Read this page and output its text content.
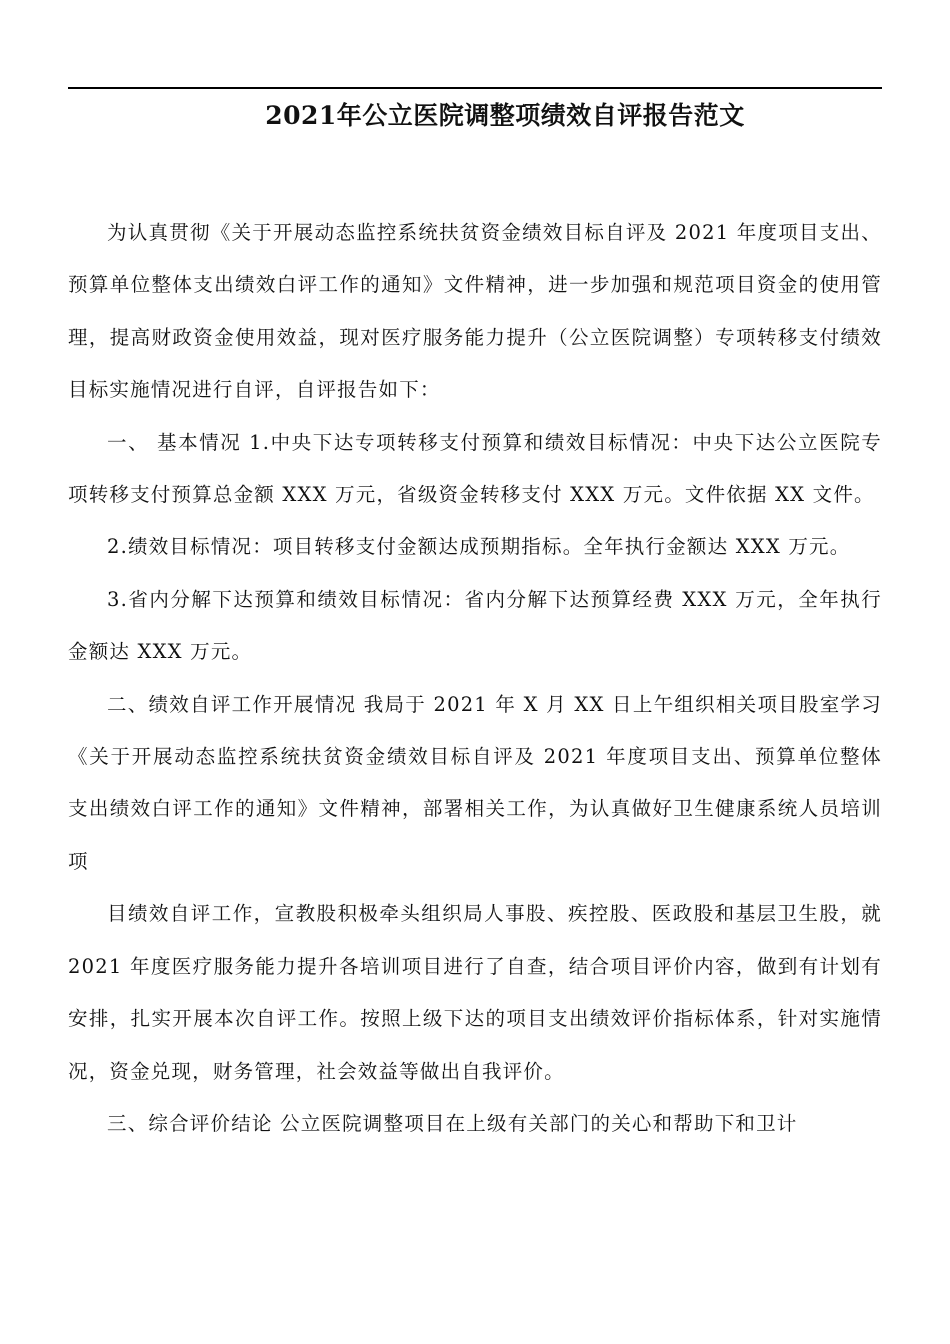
2021年公立医院调整项绩效自评报告范文

为认真贯彻《关于开展动态监控系统扶贫资金绩效目标自评及 2021 年度项目支出、预算单位整体支出绩效白评工作的通知》文件精神，进一步加强和规范项目资金的使用管理，提高财政资金使用效益，现对医疗服务能力提升（公立医院调整）专项转移支付绩效目标实施情况进行自评，自评报告如下：

一、 基本情况 1.中央下达专项转移支付预算和绩效目标情况：中央下达公立医院专项转移支付预算总金额 XXX 万元，省级资金转移支付 XXX 万元。文件依据 XX 文件。

2.绩效目标情况：项目转移支付金额达成预期指标。全年执行金额达 XXX 万元。

3.省内分解下达预算和绩效目标情况：省内分解下达预算经费 XXX 万元，全年执行金额达 XXX 万元。

二、绩效自评工作开展情况 我局于 2021 年 X 月 XX 日上午组织相关项目股室学习《关于开展动态监控系统扶贫资金绩效目标自评及 2021 年度项目支出、预算单位整体支出绩效白评工作的通知》文件精神，部署相关工作，为认真做好卫生健康系统人员培训项

目绩效自评工作，宣教股积极牵头组织局人事股、疾控股、医政股和基层卫生股，就 2021 年度医疗服务能力提升各培训项目进行了自查，结合项目评价内容，做到有计划有安排，扎实开展本次自评工作。按照上级下达的项目支出绩效评价指标体系，针对实施情况，资金兑现，财务管理，社会效益等做出自我评价。

三、综合评价结论 公立医院调整项目在上级有关部门的关心和帮助下和卫计
